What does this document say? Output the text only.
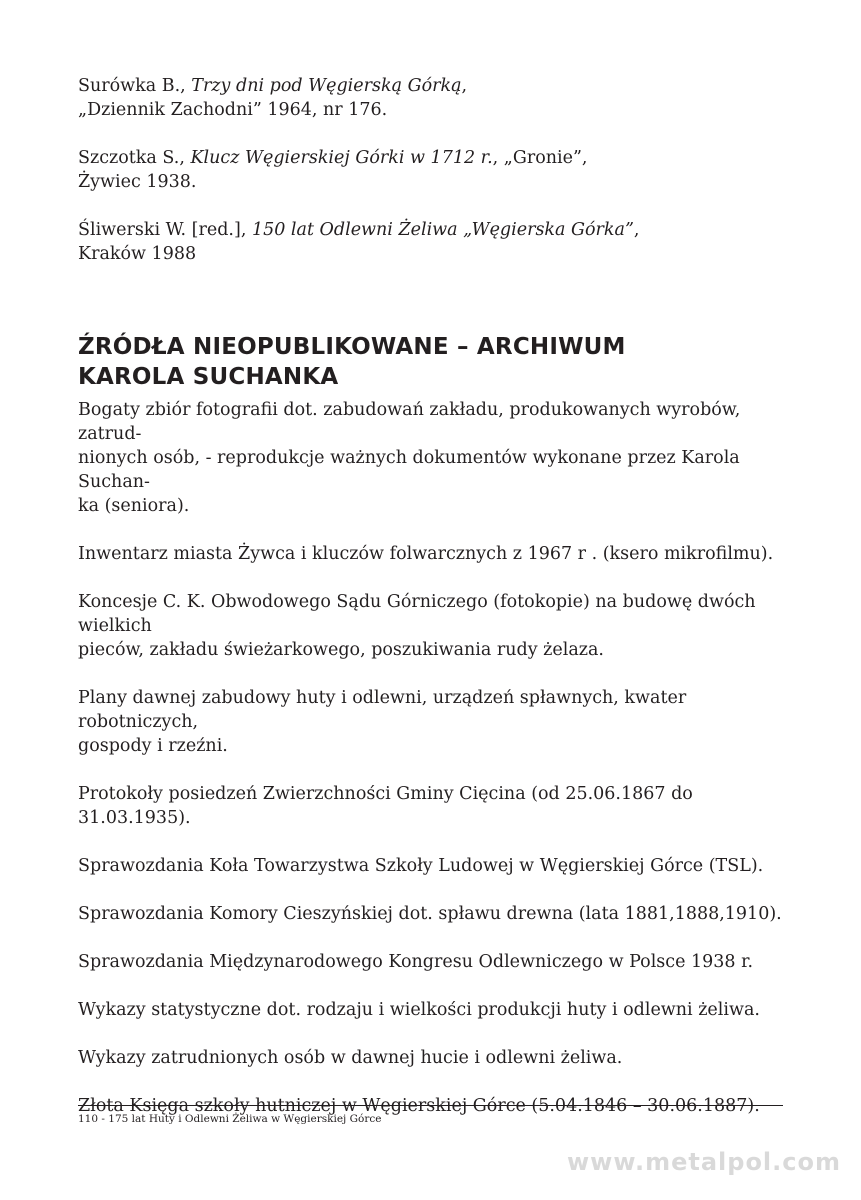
Surówka B., Trzy dni pod Węgierską Górką,
„Dziennik Zachodni” 1964, nr 176.
Szczotka S., Klucz Węgierskiej Górki w 1712 r., „Gronie”,
Żywiec 1938.
Śliwerski W. [red.], 150 lat Odlewni Żeliwa „Węgierska Górka”,
Kraków 1988
ŹRÓDŁA NIEOPUBLIKOWANE – ARCHIWUM
KAROLA SUCHANKA
Bogaty zbiór fotografii dot. zabudowań zakładu, produkowanych wyrobów, zatrud-
nionych osób, - reprodukcje ważnych dokumentów wykonane przez Karola Suchan-
ka (seniora).
Inwentarz miasta Żywca i kluczów folwarcznych z 1967 r . (ksero mikrofilmu).
Koncesje C. K. Obwodowego Sądu Górniczego (fotokopie) na budowę dwóch wielkich
pieców, zakładu świeżarkowego, poszukiwania rudy żelaza.
Plany dawnej zabudowy huty i odlewni, urządzeń spławnych, kwater robotniczych,
gospody i rzeźni.
Protokoły posiedzeń Zwierzchności Gminy Cięcina (od 25.06.1867 do 31.03.1935).
Sprawozdania Koła Towarzystwa Szkoły Ludowej w Węgierskiej Górce (TSL).
Sprawozdania Komory Cieszyńskiej dot. spławu drewna (lata 1881,1888,1910).
Sprawozdania Międzynarodowego Kongresu Odlewniczego w Polsce 1938 r.
Wykazy statystyczne dot. rodzaju i wielkości produkcji huty i odlewni żeliwa.
Wykazy zatrudnionych osób w dawnej hucie i odlewni żeliwa.
Złota Księga szkoły hutniczej w Węgierskiej Górce (5.04.1846 – 30.06.1887).
110 - 175 lat Huty i Odlewni Żeliwa w Węgierskiej Górce
www.metalpol.com
